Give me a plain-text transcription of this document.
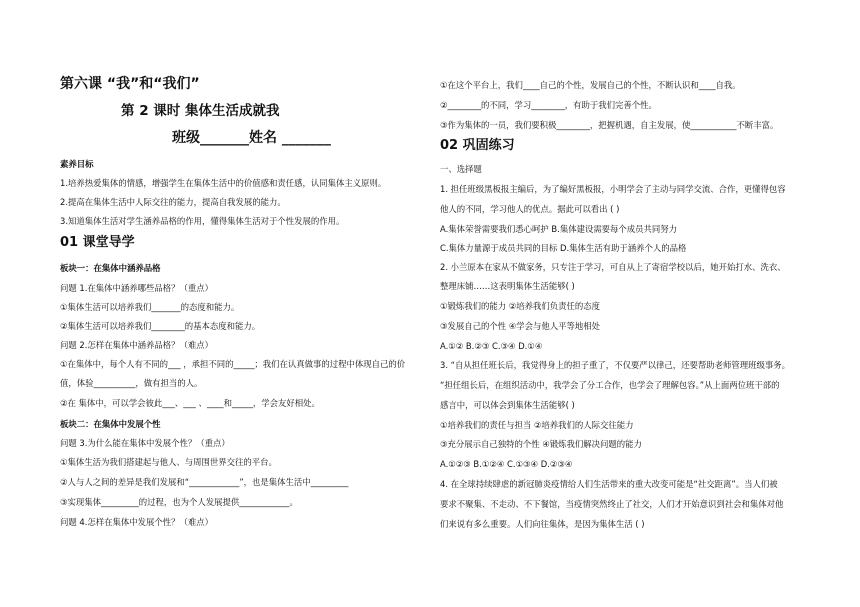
第六课 “我”和“我们”
第 2 课时 集体生活成就我
班级_______姓名 _______
素养目标
1.培养热爱集体的情感，增强学生在集体生活中的价值感和责任感，认同集体主义原则。
2.提高在集体生活中人际交往的能力，提高自我发展的能力。
3.知道集体生活对学生涵养品格的作用，懂得集体生活对于个性发展的作用。
01 课堂导学
板块一：在集体中涵养品格
问题 1.在集体中涵养哪些品格？（重点）
①集体生活可以培养我们_______的态度和能力。
②集体生活可以培养我们________的基本态度和能力。
问题 2.怎样在集体中涵养品格？（难点）
①在集体中，每个人有不同的___ ，承担不同的_____；我们在认真做事的过程中体现自己的价
值，体验__________，做有担当的人。
②在 集体中，可以学会彼此___、___ 、____和_____，学会友好相处。
板块二：在集体中发展个性
问题 3.为什么能在集体中发展个性？（重点）
①集体生活为我们搭建起与他人、与周围世界交往的平台。
②人与人之间的差异是我们发展和“____________”，也是集体生活中_________
③实现集体_________的过程，也为个人发展提供____________。
问题 4.怎样在集体中发展个性？（难点）
①在这个平台上，我们____自己的个性，发展自己的个性，不断认识和____自我。
②________的不同，学习________，有助于我们完善个性。
③作为集体的一员，我们要积极________，把握机遇，自主发展，使___________不断丰富。
02 巩固练习
一、选择题
1. 担任班级黑板报主编后，为了编好黑板报，小明学会了主动与同学交流、合作，更懂得包容
他人的不同，学习他人的优点。据此可以看出 ( )
A.集体荣誉需要我们悉心呵护 B.集体建设需要每个成员共同努力
C.集体力量源于成员共同的目标 D.集体生活有助于涵养个人的品格
2. 小兰原本在家从不做家务，只专注于学习，可自从上了寄宿学校以后，她开始打水、洗衣、
整理床铺……这表明集体生活能够( )
①锻炼我们的能力 ②培养我们负责任的态度
③发展自己的个性 ④学会与他人平等地相处
A.①② B.②③ C.③④ D.①④
3. “自从担任班长后，我觉得身上的担子重了，不仅要严以律己，还要帮助老师管理班级事务。
“担任组长后，在组织活动中，我学会了分工合作，也学会了理解包容。”从上面两位班干部的
感言中，可以体会到集体生活能够( )
①培养我们的责任与担当 ②培养我们的人际交往能力
③充分展示自己独特的个性 ④锻炼我们解决问题的能力
A.①②③ B.①②④ C.①③④ D.②③④
4. 在全球持续肆虐的新冠肺炎疫情给人们生活带来的重大改变可能是“社交距离”。当人们被
要求不聚集、不走动、不下餐馆，当疫情突然终止了社交，人们才开始意识到社会和集体对他
们来说有多么重要。人们向往集体，是因为集体生活 ( )
